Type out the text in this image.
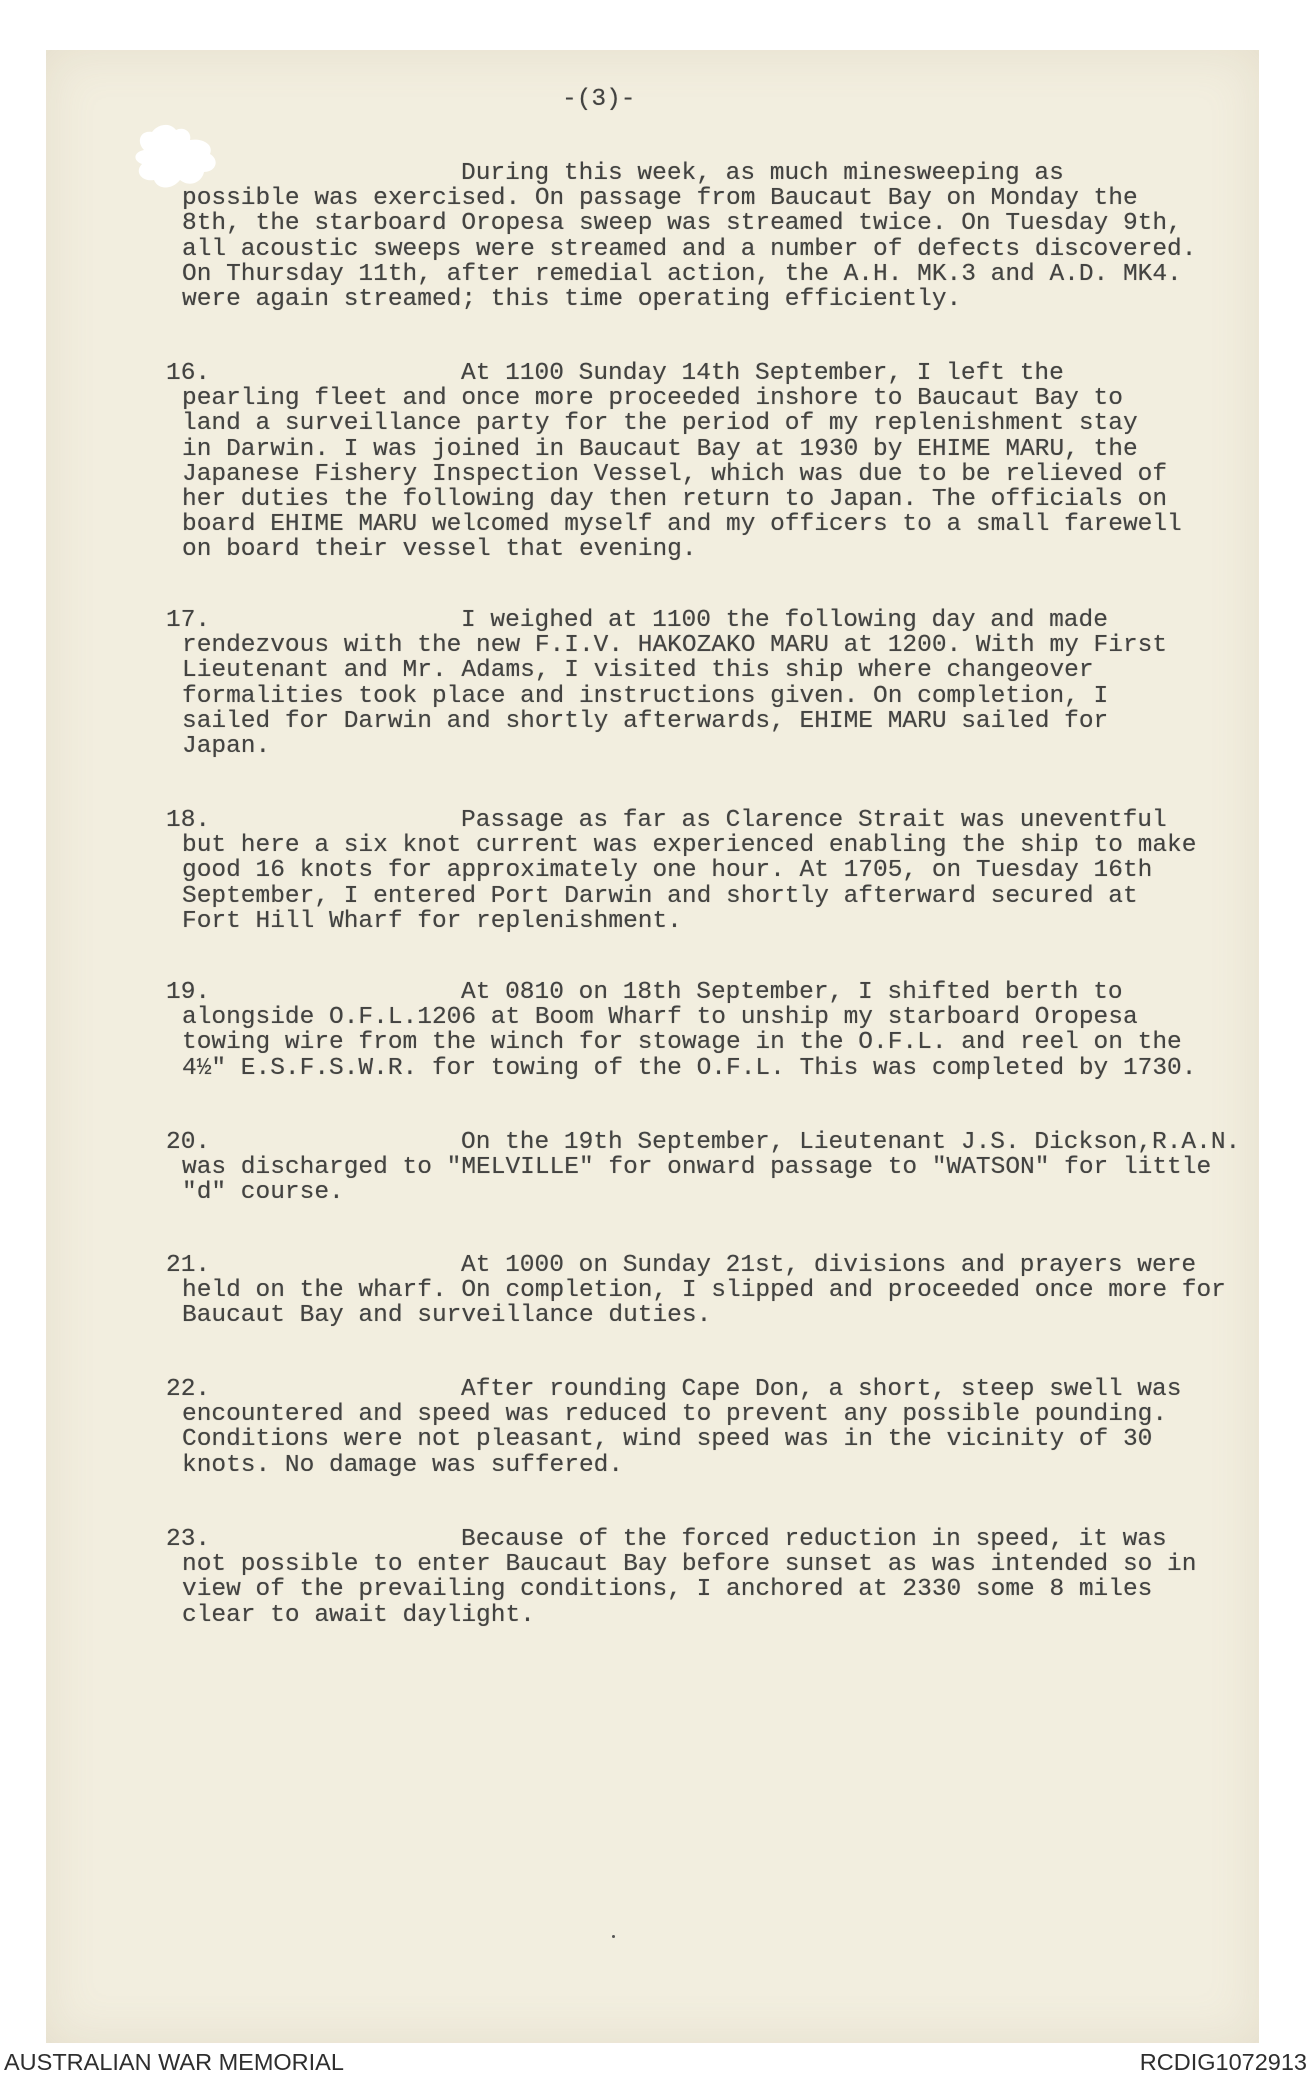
-(3)-
During this week, as much minesweeping as
possible was exercised. On passage from Baucaut Bay on Monday the
8th, the starboard Oropesa sweep was streamed twice. On Tuesday 9th,
all acoustic sweeps were streamed and a number of defects discovered.
On Thursday 11th, after remedial action, the A.H. MK.3 and A.D. MK4.
were again streamed; this time operating efficiently.
16.	At 1100 Sunday 14th September, I left the
pearling fleet and once more proceeded inshore to Baucaut Bay to
land a surveillance party for the period of my replenishment stay
in Darwin. I was joined in Baucaut Bay at 1930 by EHIME MARU, the
Japanese Fishery Inspection Vessel, which was due to be relieved of
her duties the following day then return to Japan. The officials on
board EHIME MARU welcomed myself and my officers to a small farewell
on board their vessel that evening.
17.	I weighed at 1100 the following day and made
rendezvous with the new F.I.V. HAKOZAKO MARU at 1200. With my First
Lieutenant and Mr. Adams, I visited this ship where changeover
formalities took place and instructions given. On completion, I
sailed for Darwin and shortly afterwards, EHIME MARU sailed for
Japan.
18.	Passage as far as Clarence Strait was uneventful
but here a six knot current was experienced enabling the ship to make
good 16 knots for approximately one hour. At 1705, on Tuesday 16th
September, I entered Port Darwin and shortly afterward secured at
Fort Hill Wharf for replenishment.
19.	At 0810 on 18th September, I shifted berth to
alongside O.F.L.1206 at Boom Wharf to unship my starboard Oropesa
towing wire from the winch for stowage in the O.F.L. and reel on the
4½" E.S.F.S.W.R. for towing of the O.F.L. This was completed by 1730.
20.	On the 19th September, Lieutenant J.S. Dickson,R.A.N.
was discharged to "MELVILLE" for onward passage to "WATSON" for little
"d" course.
21.	At 1000 on Sunday 21st, divisions and prayers were
held on the wharf. On completion, I slipped and proceeded once more for
Baucaut Bay and surveillance duties.
22.	After rounding Cape Don, a short, steep swell was
encountered and speed was reduced to prevent any possible pounding.
Conditions were not pleasant, wind speed was in the vicinity of 30
knots. No damage was suffered.
23.	Because of the forced reduction in speed, it was
not possible to enter Baucaut Bay before sunset as was intended so in
view of the prevailing conditions, I anchored at 2330 some 8 miles
clear to await daylight.
AUSTRALIAN WAR MEMORIAL	RCDIG1072913
